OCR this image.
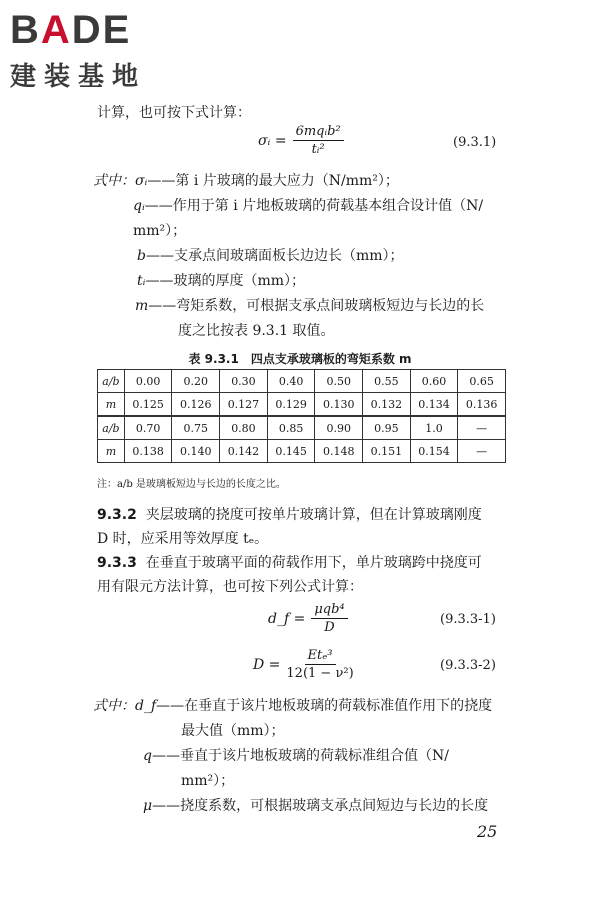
BADE
建装基地
计算，也可按下式计算：
σᵢ = $\frac{\text{6mqᵢb²}}{\text{tᵢ²}}$	(9.3.1)
式中：σᵢ——第 i 片玻璃的最大应力（N/mm²）；
qᵢ——作用于第 i 片地板玻璃的荷载基本组合设计值（N/
mm²）；
b——支承点间玻璃面板长边边长（mm）；
tᵢ——玻璃的厚度（mm）；
m——弯矩系数，可根据支承点间玻璃板短边与长边的长
度之比按表 9.3.1 取值。
表 9.3.1　四点支承玻璃板的弯矩系数 m
a/b	0.00	0.20	0.30	0.40	0.50	0.55	0.60	0.65
m	0.125	0.126	0.127	0.129	0.130	0.132	0.134	0.136
a/b	0.70	0.75	0.80	0.85	0.90	0.95	1.0	—
m	0.138	0.140	0.142	0.145	0.148	0.151	0.154	—
注：a/b 是玻璃板短边与长边的长度之比。
9.3.2 夹层玻璃的挠度可按单片玻璃计算，但在计算玻璃刚度
D 时，应采用等效厚度 tₑ。
9.3.3 在垂直于玻璃平面的荷载作用下，单片玻璃跨中挠度可
用有限元方法计算，也可按下列公式计算：
d_f = $\frac{\text{μqb⁴}}{D}$	(9.3.3-1)
$D = \frac{\text{Etₑ³}}{\text{12(1 − ν²)}}$	(9.3.3-2)
式中：d_f——在垂直于该片地板玻璃的荷载标准值作用下的挠度
最大值（mm）；
q——垂直于该片地板玻璃的荷载标准组合值（N/
mm²）；
μ——挠度系数，可根据玻璃支承点间短边与长边的长度
25
